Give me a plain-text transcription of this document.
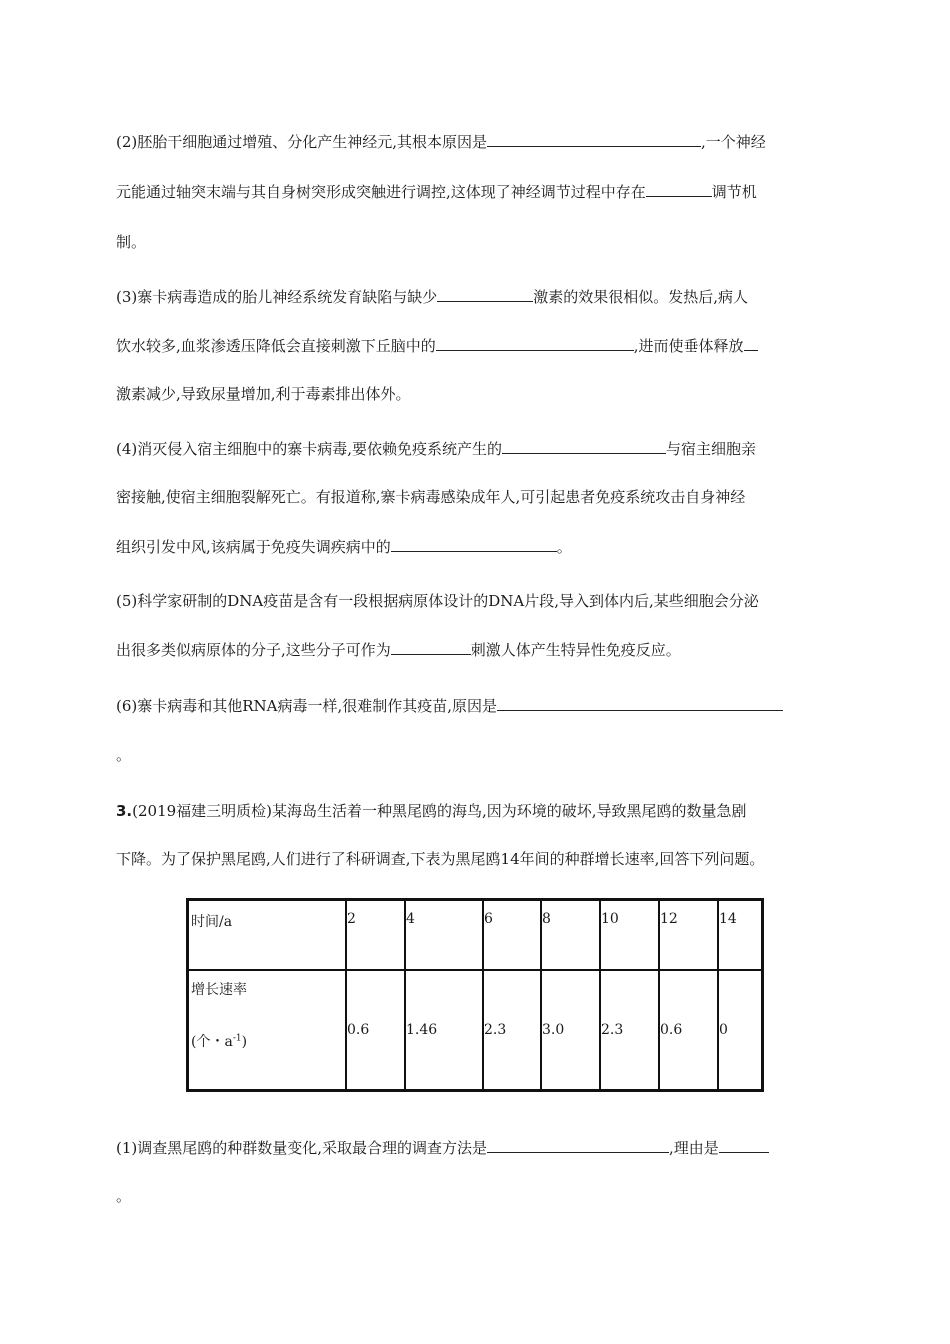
(2)胚胎干细胞通过增殖、分化产生神经元,其根本原因是	,一个神经
元能通过轴突末端与其自身树突形成突触进行调控,这体现了神经调节过程中存在	调节机
制。
(3)寨卡病毒造成的胎儿神经系统发育缺陷与缺少	激素的效果很相似。发热后,病人
饮水较多,血浆渗透压降低会直接刺激下丘脑中的	,进而使垂体释放
激素减少,导致尿量增加,利于毒素排出体外。
(4)消灭侵入宿主细胞中的寨卡病毒,要依赖免疫系统产生的	与宿主细胞亲
密接触,使宿主细胞裂解死亡。有报道称,寨卡病毒感染成年人,可引起患者免疫系统攻击自身神经
组织引发中风,该病属于免疫失调疾病中的	。
(5)科学家研制的DNA疫苗是含有一段根据病原体设计的DNA片段,导入到体内后,某些细胞会分泌
出很多类似病原体的分子,这些分子可作为	刺激人体产生特异性免疫反应。
(6)寨卡病毒和其他RNA病毒一样,很难制作其疫苗,原因是
。
3.(2019福建三明质检)某海岛生活着一种黑尾鸥的海鸟,因为环境的破坏,导致黑尾鸥的数量急剧
下降。为了保护黑尾鸥,人们进行了科研调查,下表为黑尾鸥14年间的种群增长速率,回答下列问题。
时间/a	2	4	6	8	10	12	14

增长速率
(个・$a^{-1}$)	0.6	1.46	2.3	3.0	2.3	0.6	0
(1)调查黑尾鸥的种群数量变化,采取最合理的调查方法是	,理由是
。
